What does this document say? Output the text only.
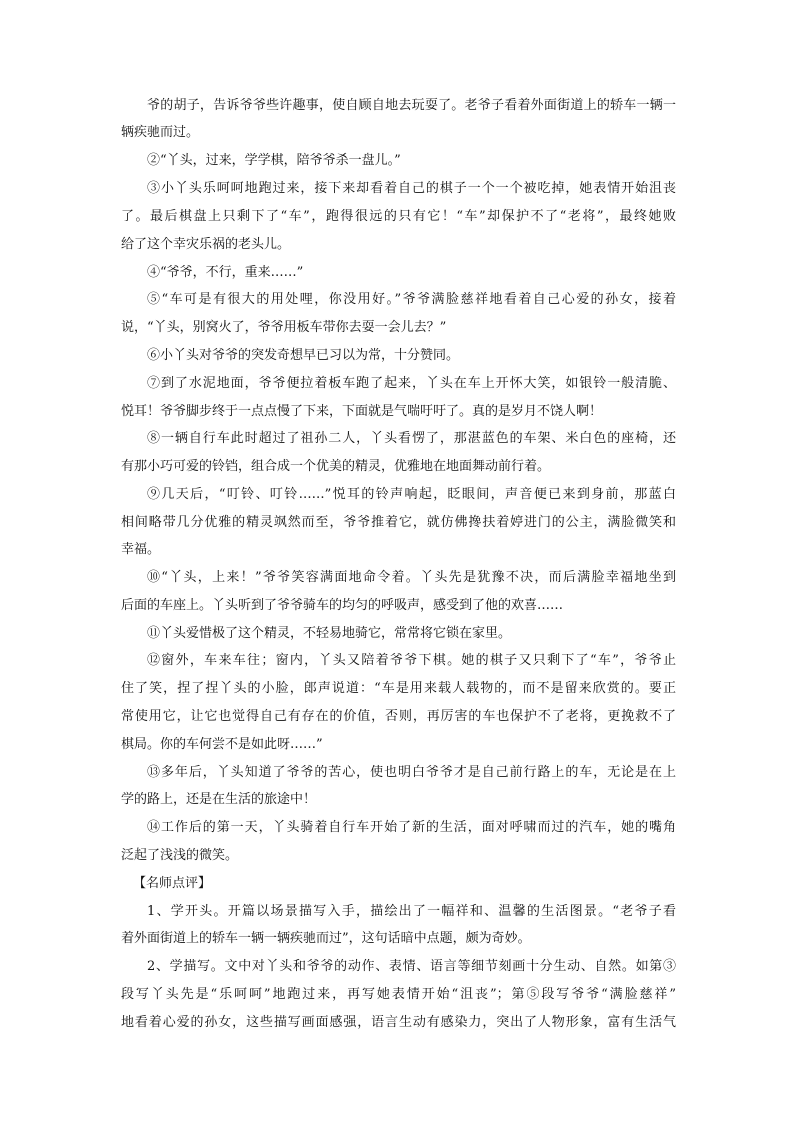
爷的胡子，告诉爷爷些许趣事，使自顾自地去玩耍了。老爷子看着外面街道上的轿车一辆一
辆疾驰而过。
②“丫头，过来，学学棋，陪爷爷杀一盘儿。”
③小丫头乐呵呵地跑过来，接下来却看着自己的棋子一个一个被吃掉，她表情开始沮丧
了。最后棋盘上只剩下了“车”，跑得很远的只有它！“车”却保护不了“老将”，最终她败
给了这个幸灾乐祸的老头儿。
④“爷爷，不行，重来……”
⑤“车可是有很大的用处哩，你没用好。”爷爷满脸慈祥地看着自己心爱的孙女，接着
说，“丫头，别窝火了，爷爷用板车带你去耍一会儿去？”
⑥小丫头对爷爷的突发奇想早已习以为常，十分赞同。
⑦到了水泥地面，爷爷便拉着板车跑了起来，丫头在车上开怀大笑，如银铃一般清脆、
悦耳！爷爷脚步终于一点点慢了下来，下面就是气喘吁吁了。真的是岁月不饶人啊！
⑧一辆自行车此时超过了祖孙二人，丫头看愣了，那湛蓝色的车架、米白色的座椅，还
有那小巧可爱的铃铛，组合成一个优美的精灵，优雅地在地面舞动前行着。
⑨几天后，“叮铃、叮铃……”悦耳的铃声响起，眨眼间，声音便已来到身前，那蓝白
相间略带几分优雅的精灵飒然而至，爷爷推着它，就仿佛搀扶着婷进门的公主，满脸微笑和
幸福。
⑩“丫头，上来！”爷爷笑容满面地命令着。丫头先是犹豫不决，而后满脸幸福地坐到
后面的车座上。丫头听到了爷爷骑车的均匀的呼吸声，感受到了他的欢喜……
⑪丫头爱惜极了这个精灵，不轻易地骑它，常常将它锁在家里。
⑫窗外，车来车往；窗内，丫头又陪着爷爷下棋。她的棋子又只剩下了“车”，爷爷止
住了笑，捏了捏丫头的小脸，郎声说道：“车是用来载人载物的，而不是留来欣赏的。要正
常使用它，让它也觉得自己有存在的价值，否则，再厉害的车也保护不了老将，更挽救不了
棋局。你的车何尝不是如此呀……”
⑬多年后，丫头知道了爷爷的苦心，使也明白爷爷才是自己前行路上的车，无论是在上
学的路上，还是在生活的旅途中！
⑭工作后的第一天，丫头骑着自行车开始了新的生活，面对呼啸而过的汽车，她的嘴角
泛起了浅浅的微笑。
【名师点评】
1、学开头。开篇以场景描写入手，描绘出了一幅祥和、温馨的生活图景。“老爷子看
着外面街道上的轿车一辆一辆疾驰而过”，这句话暗中点题，颇为奇妙。
2、学描写。文中对丫头和爷爷的动作、表情、语言等细节刻画十分生动、自然。如第③
段写丫头先是“乐呵呵”地跑过来，再写她表情开始“沮丧”；第⑤段写爷爷“满脸慈祥”
地看着心爱的孙女，这些描写画面感强，语言生动有感染力，突出了人物形象，富有生活气
